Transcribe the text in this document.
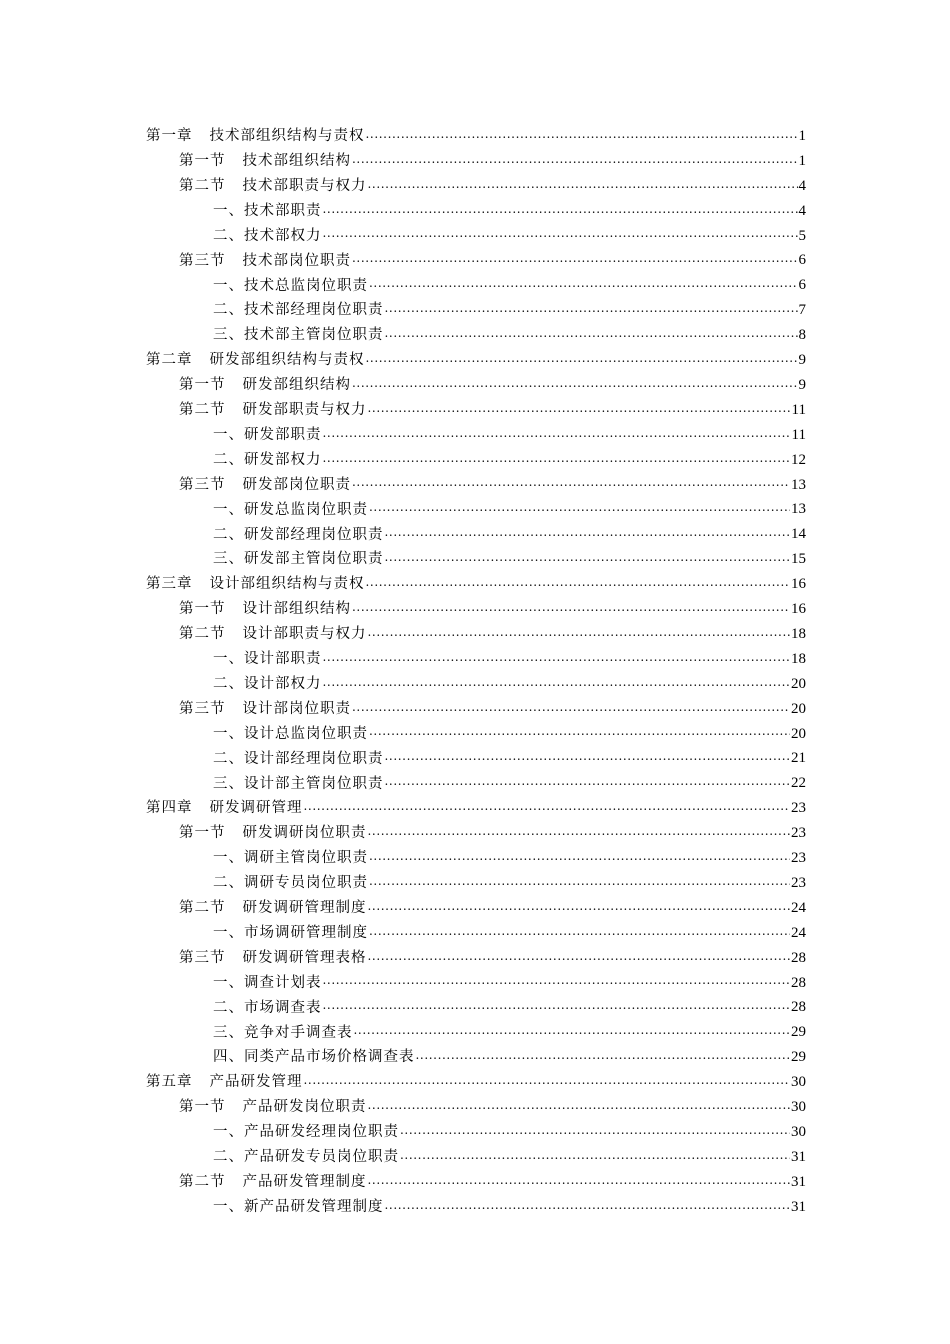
第一章 技术部组织结构与责权 .....	1
第一节 技术部组织结构 .....	1
第二节 技术部职责与权力 .....	4
一、技术部职责 .....	4
二、技术部权力 .....	5
第三节 技术部岗位职责 .....	6
一、技术总监岗位职责 .....	6
二、技术部经理岗位职责 .....	7
三、技术部主管岗位职责 .....	8
第二章 研发部组织结构与责权 .....	9
第一节 研发部组织结构 .....	9
第二节 研发部职责与权力 .....	11
一、研发部职责 .....	11
二、研发部权力 .....	12
第三节 研发部岗位职责 .....	13
一、研发总监岗位职责 .....	13
二、研发部经理岗位职责 .....	14
三、研发部主管岗位职责 .....	15
第三章 设计部组织结构与责权 .....	16
第一节 设计部组织结构 .....	16
第二节 设计部职责与权力 .....	18
一、设计部职责 .....	18
二、设计部权力 .....	20
第三节 设计部岗位职责 .....	20
一、设计总监岗位职责 .....	20
二、设计部经理岗位职责 .....	21
三、设计部主管岗位职责 .....	22
第四章 研发调研管理 .....	23
第一节 研发调研岗位职责 .....	23
一、调研主管岗位职责 .....	23
二、调研专员岗位职责 .....	23
第二节 研发调研管理制度 .....	24
一、市场调研管理制度 .....	24
第三节 研发调研管理表格 .....	28
一、调查计划表 .....	28
二、市场调查表 .....	28
三、竞争对手调查表 .....	29
四、同类产品市场价格调查表 .....	29
第五章 产品研发管理 .....	30
第一节 产品研发岗位职责 .....	30
一、产品研发经理岗位职责 .....	30
二、产品研发专员岗位职责 .....	31
第二节 产品研发管理制度 .....	31
一、新产品研发管理制度 .....	31
